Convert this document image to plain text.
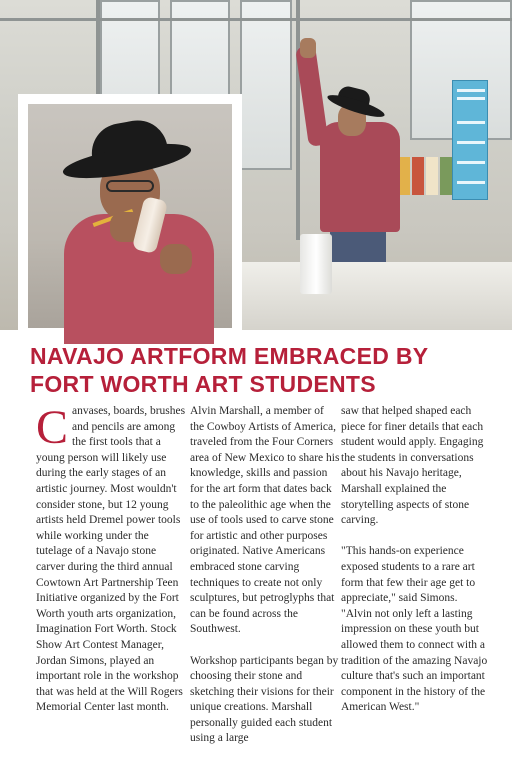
NAVAJO ARTFORM EMBRACED BY
FORT WORTH ART STUDENTS

Canvases, boards, brushes and pencils are among the first tools that a young person will likely use during the early stages of an artistic journey. Most wouldn't consider stone, but 12 young artists held Dremel power tools while working under the tutelage of a Navajo stone carver during the third annual Cowtown Art Partnership Teen Initiative organized by the Fort Worth youth arts organization, Imagination Fort Worth. Stock Show Art Contest Manager, Jordan Simons, played an important role in the workshop that was held at the Will Rogers Memorial Center last month.

Alvin Marshall, a member of the Cowboy Artists of America, traveled from the Four Corners area of New Mexico to share his knowledge, skills and passion for the art form that dates back to the paleolithic age when the use of tools used to carve stone for artistic and other purposes originated. Native Americans embraced stone carving techniques to create not only sculptures, but petroglyphs that can be found across the Southwest.

Workshop participants began by choosing their stone and sketching their visions for their unique creations. Marshall personally guided each student using a large

saw that helped shaped each piece for finer details that each student would apply. Engaging the students in conversations about his Navajo heritage, Marshall explained the storytelling aspects of stone carving.

"This hands-on experience exposed students to a rare art form that few their age get to appreciate," said Simons. "Alvin not only left a lasting impression on these youth but allowed them to connect with a tradition of the amazing Navajo culture that's such an important component in the history of the American West."
